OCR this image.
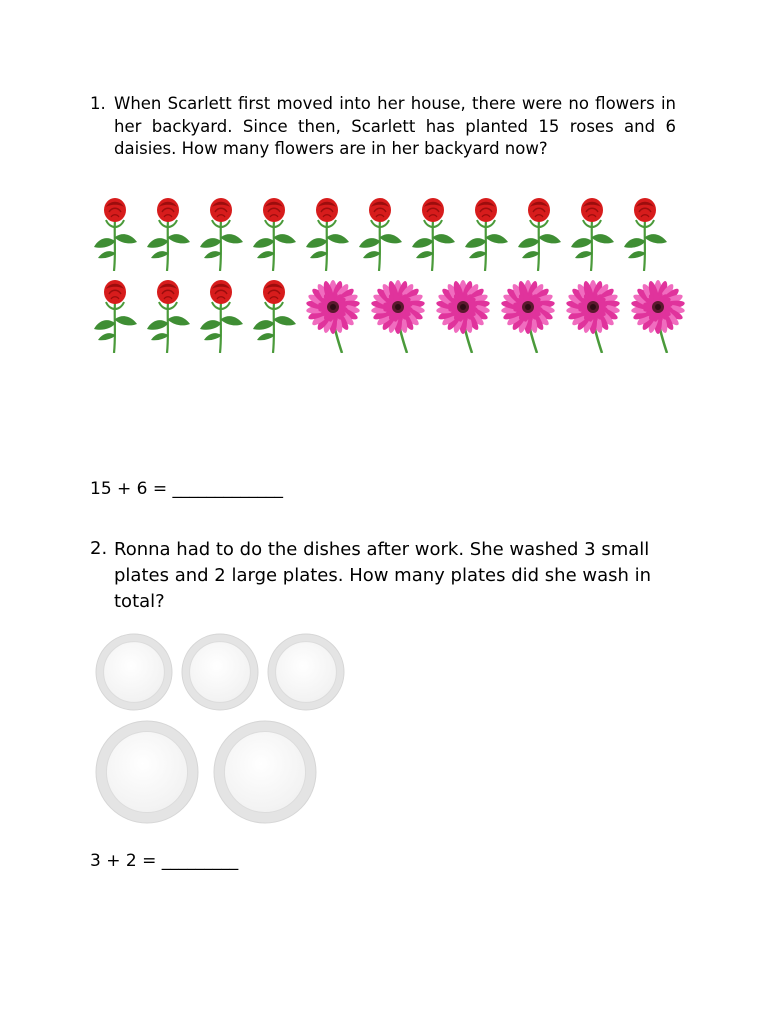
1. When Scarlett first moved into her house, there were no flowers in her backyard. Since then, Scarlett has planted 15 roses and 6 daisies. How many flowers are in her backyard now?
15 + 6 = _____________
2. Ronna had to do the dishes after work. She washed 3 small plates and 2 large plates. How many plates did she wash in total?
3 + 2 = _________
